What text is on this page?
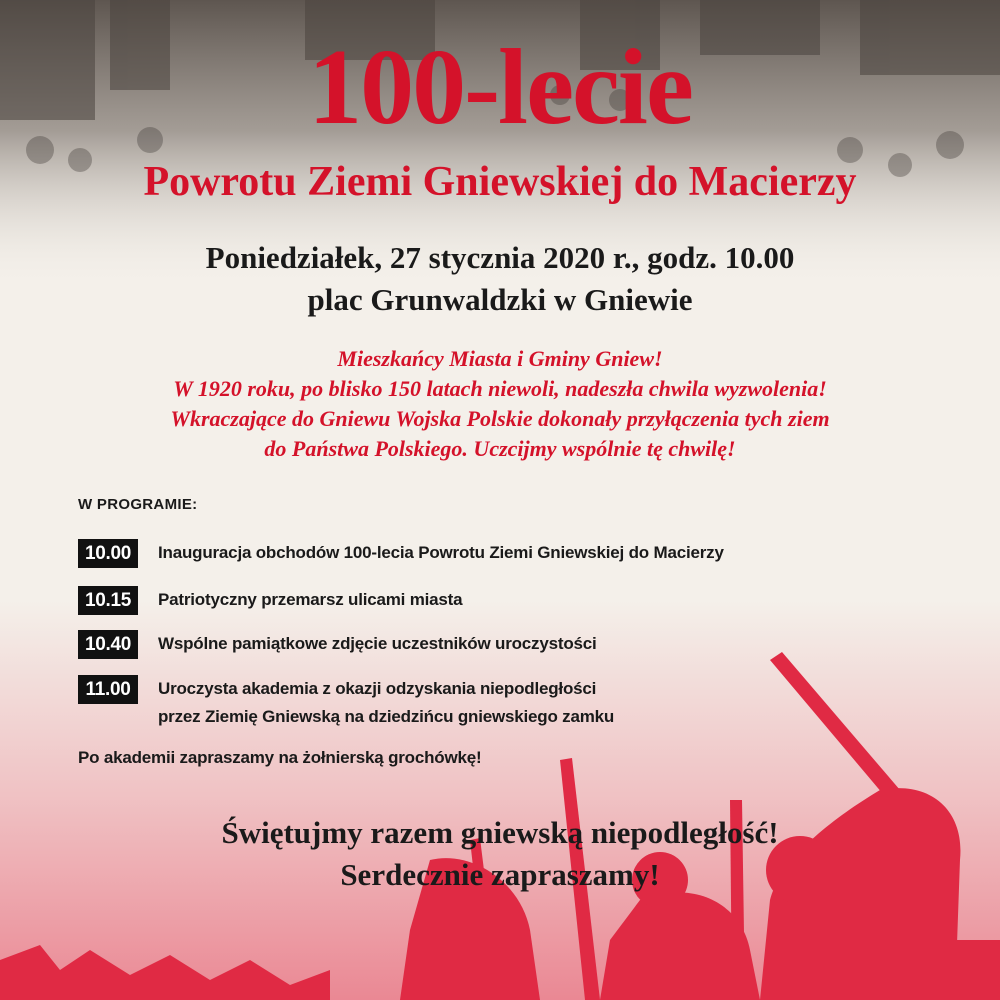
100-lecie
Powrotu Ziemi Gniewskiej do Macierzy

Poniedziałek, 27 stycznia 2020 r., godz. 10.00

plac Grunwaldzki w Gniewie

Mieszkańcy Miasta i Gminy Gniew!
W 1920 roku, po blisko 150 latach niewoli, nadeszła chwila wyzwolenia!
Wkraczające do Gniewu Wojska Polskie dokonały przyłączenia tych ziem
do Państwa Polskiego. Uczcijmy wspólnie tę chwilę!
W PROGRAMIE:
10.00	Inauguracja obchodów 100-lecia Powrotu Ziemi Gniewskiej do Macierzy
10.15	Patriotyczny przemarsz ulicami miasta
10.40	Wspólne pamiątkowe zdjęcie uczestników uroczystości
11.00	Uroczysta akademia z okazji odzyskania niepodległości
przez Ziemię Gniewską na dziedzińcu gniewskiego zamku
Po akademii zapraszamy na żołnierską grochówkę!
Świętujmy razem gniewską niepodległość!
Serdecznie zapraszamy!
